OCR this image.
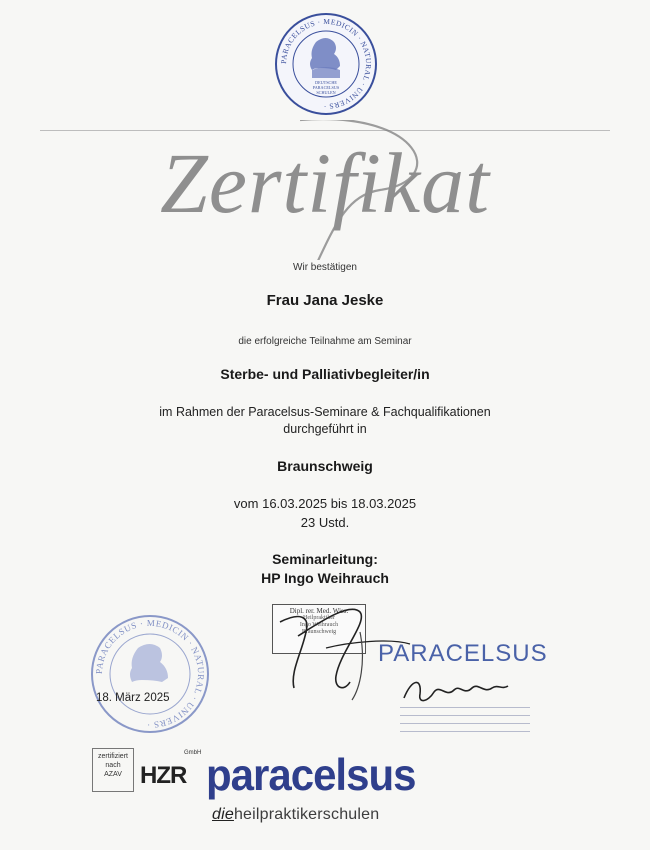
PARACELSUS · MEDICIN · NATURAL · UNIVERS ·
DEUTSCHE
PARACELSUS
SCHULEN
Zertifikat
Wir bestätigen
Frau Jana Jeske
die erfolgreiche Teilnahme am Seminar
Sterbe- und Palliativbegleiter/in
im Rahmen der Paracelsus-Seminare & Fachqualifikationen
durchgeführt in
Braunschweig
vom 16.03.2025 bis 18.03.2025
23 Ustd.
Seminarleitung:
HP Ingo Weihrauch
Dipl. rer. Med. Wiss.
Heilpraktiker
Ingo Weihrauch
Braunschweig
PARACELSUS
PARACELSUS · MEDICIN · NATURAL · UNIVERS ·
18. März 2025
zertifiziert
nach
AZAV HZR
GmbH paracelsus
dieheilpraktikerschulen
